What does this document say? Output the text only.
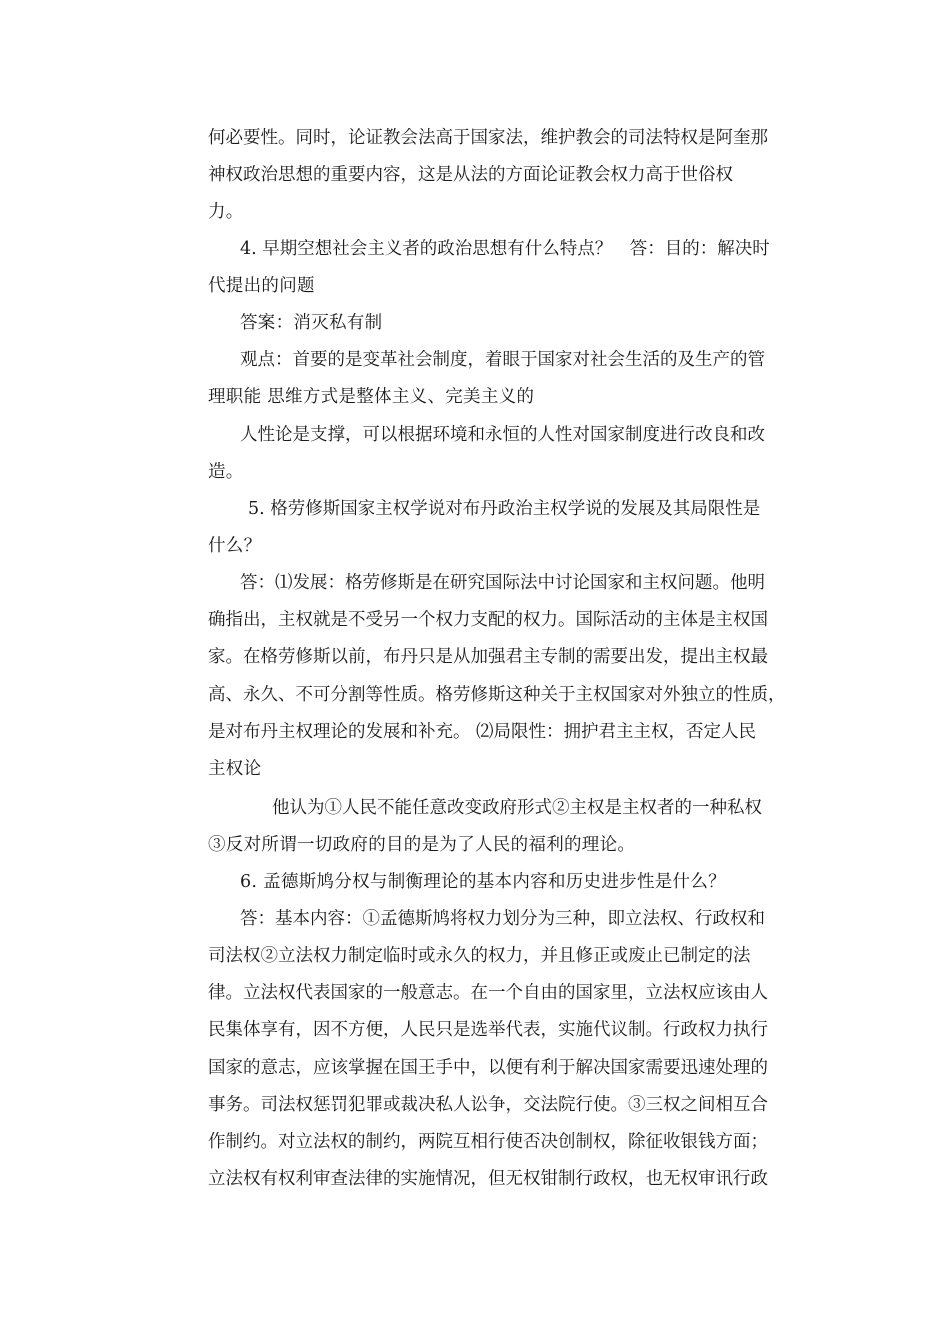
何必要性。同时，论证教会法高于国家法，维护教会的司法特权是阿奎那
神权政治思想的重要内容，这是从法的方面论证教会权力高于世俗权
力。
4. 早期空想社会主义者的政治思想有什么特点？　答：目的：解决时
代提出的问题
答案：消灭私有制
观点：首要的是变革社会制度，着眼于国家对社会生活的及生产的管
理职能 思维方式是整体主义、完美主义的
人性论是支撑，可以根据环境和永恒的人性对国家制度进行改良和改
造。
5. 格劳修斯国家主权学说对布丹政治主权学说的发展及其局限性是
什么？
答：⑴发展：格劳修斯是在研究国际法中讨论国家和主权问题。他明
确指出，主权就是不受另一个权力支配的权力。国际活动的主体是主权国
家。在格劳修斯以前，布丹只是从加强君主专制的需要出发，提出主权最
高、永久、不可分割等性质。格劳修斯这种关于主权国家对外独立的性质，
是对布丹主权理论的发展和补充。 ⑵局限性：拥护君主主权，否定人民
主权论
他认为①人民不能任意改变政府形式②主权是主权者的一种私权
③反对所谓一切政府的目的是为了人民的福利的理论。
6. 孟德斯鸠分权与制衡理论的基本内容和历史进步性是什么？
答：基本内容：①孟德斯鸠将权力划分为三种，即立法权、行政权和
司法权②立法权力制定临时或永久的权力，并且修正或废止已制定的法
律。立法权代表国家的一般意志。在一个自由的国家里，立法权应该由人
民集体享有，因不方便，人民只是选举代表，实施代议制。行政权力执行
国家的意志，应该掌握在国王手中，以便有利于解决国家需要迅速处理的
事务。司法权惩罚犯罪或裁决私人讼争，交法院行使。③三权之间相互合
作制约。对立法权的制约，两院互相行使否决创制权，除征收银钱方面；
立法权有权利审查法律的实施情况，但无权钳制行政权，也无权审讯行政
